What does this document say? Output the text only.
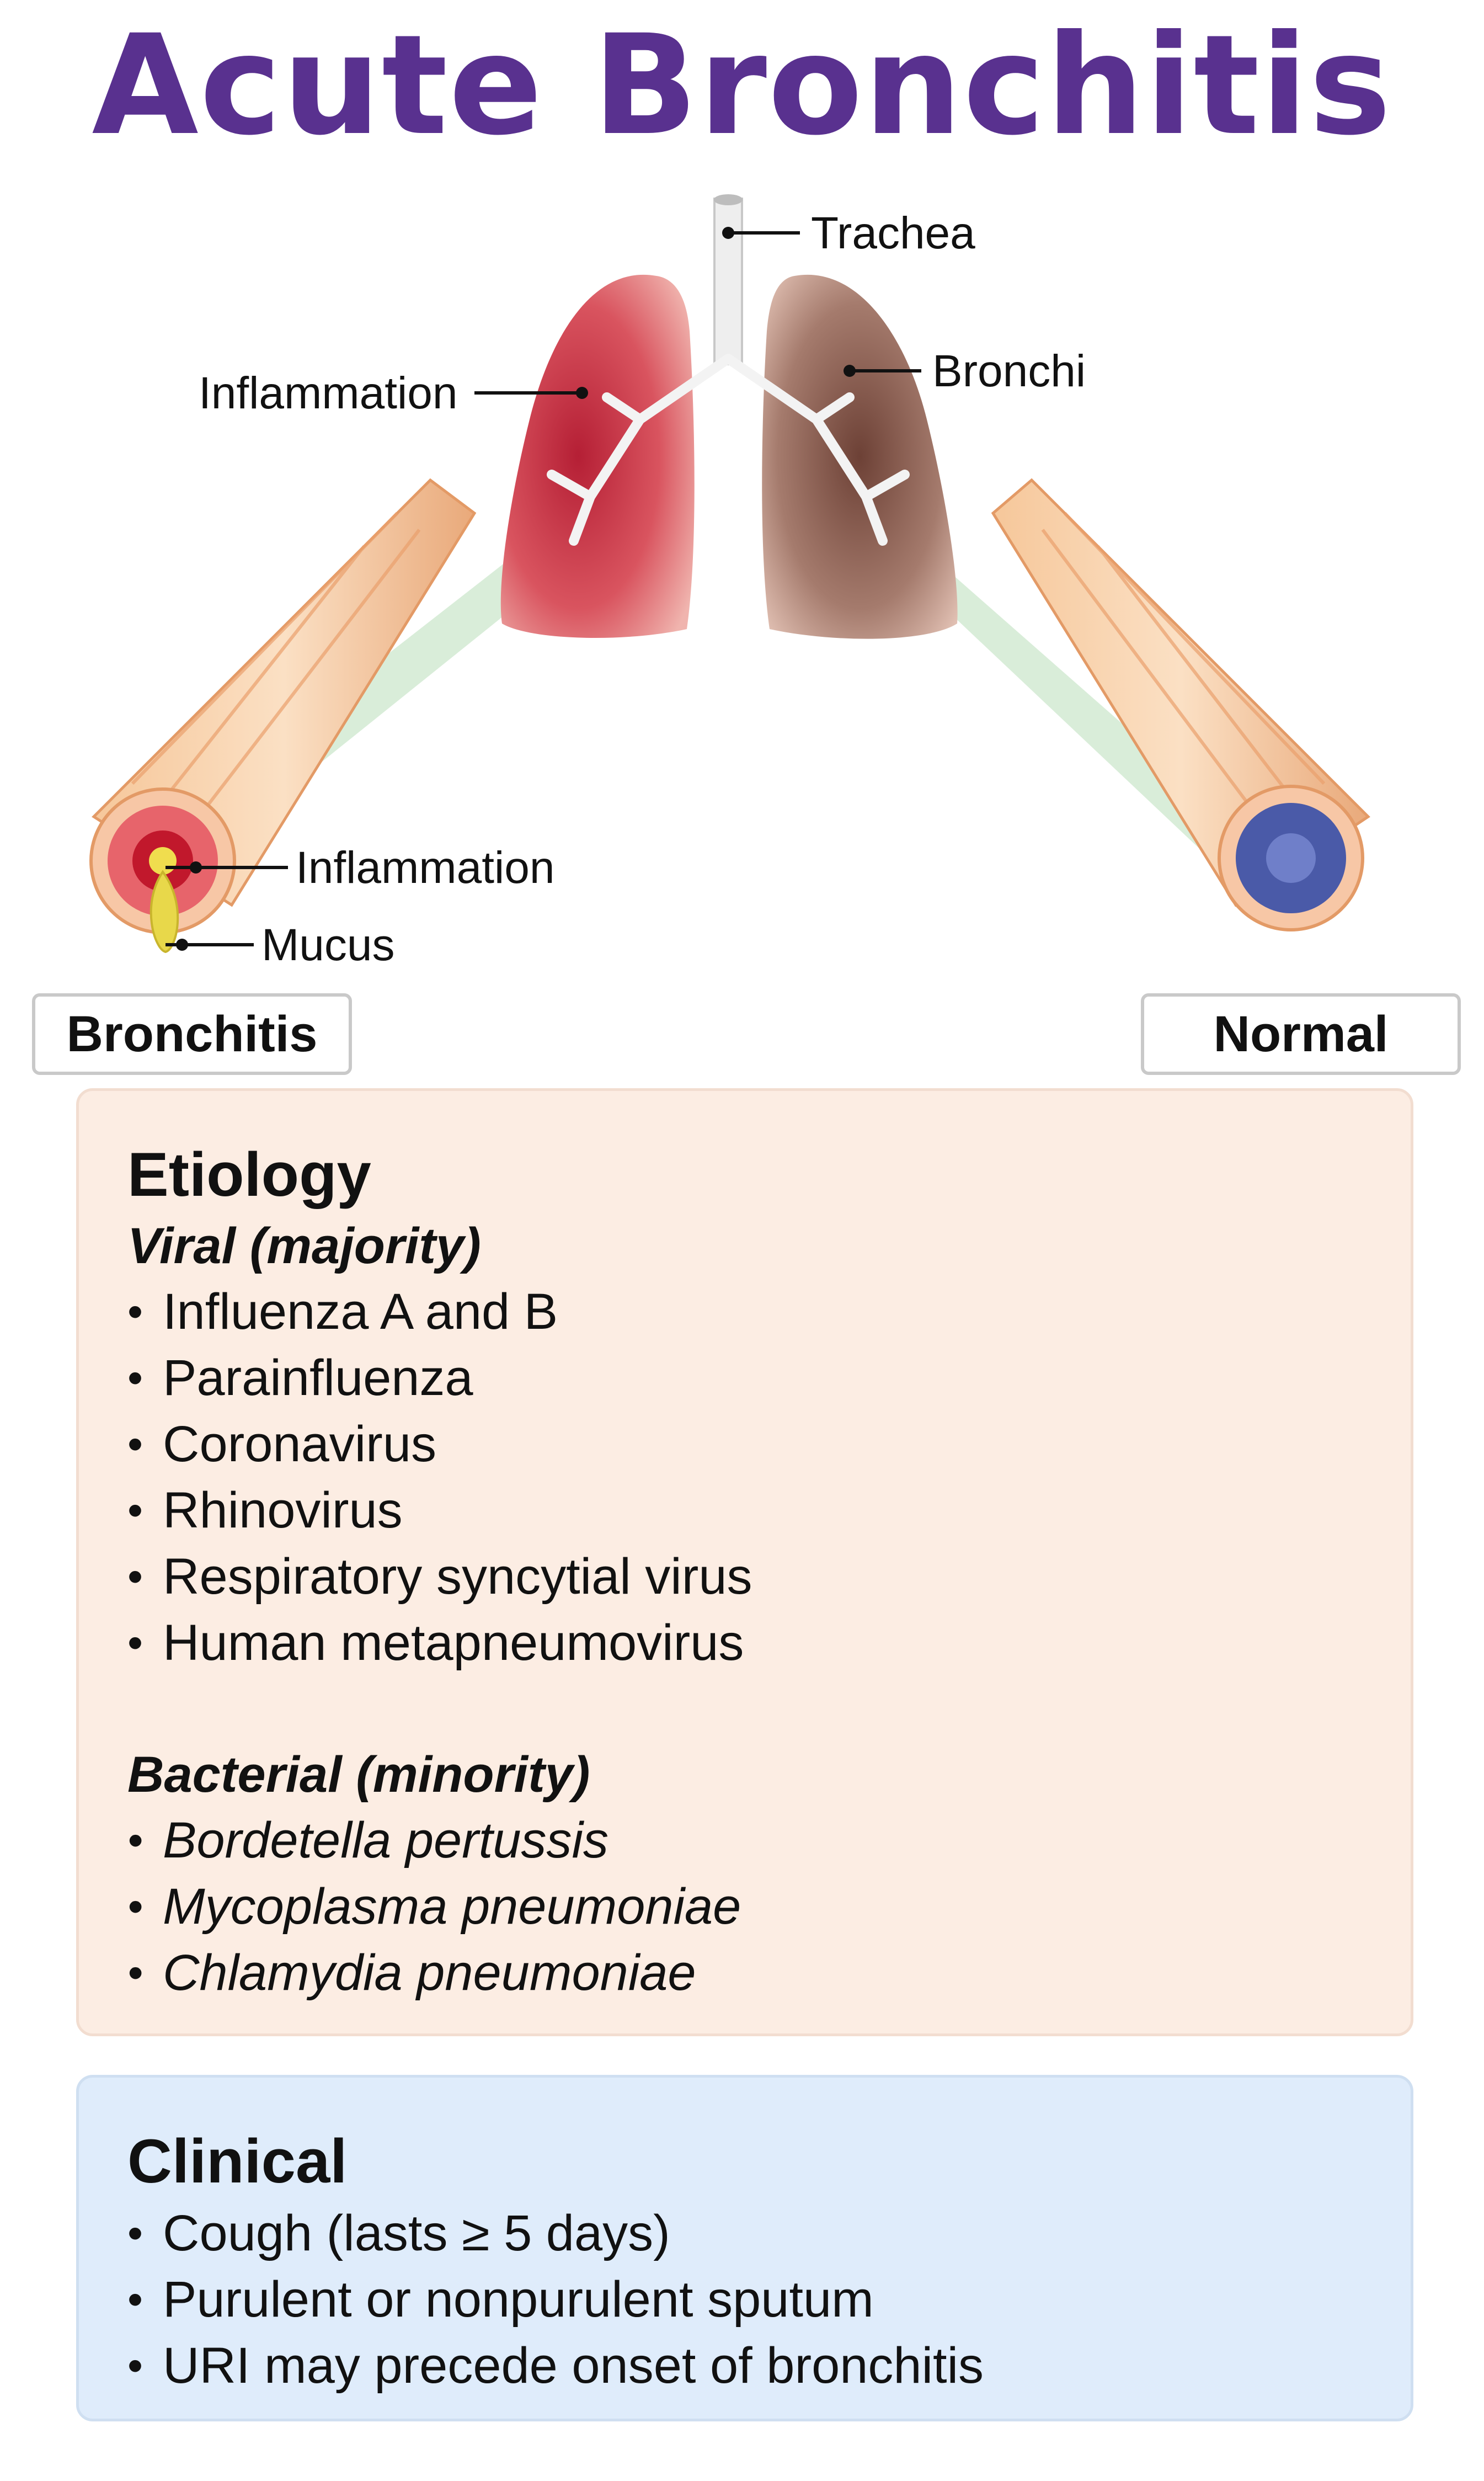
Acute Bronchitis
Trachea
Bronchi
Inflammation
Inflammation
Mucus
Bronchitis	Normal
Etiology
Viral (majority)
• Influenza A and B
• Parainfluenza
• Coronavirus
• Rhinovirus
• Respiratory syncytial virus
• Human metapneumovirus
Bacterial (minority)
• Bordetella pertussis
• Mycoplasma pneumoniae
• Chlamydia pneumoniae
Clinical
• Cough (lasts ≥ 5 days)
• Purulent or nonpurulent sputum
• URI may precede onset of bronchitis
